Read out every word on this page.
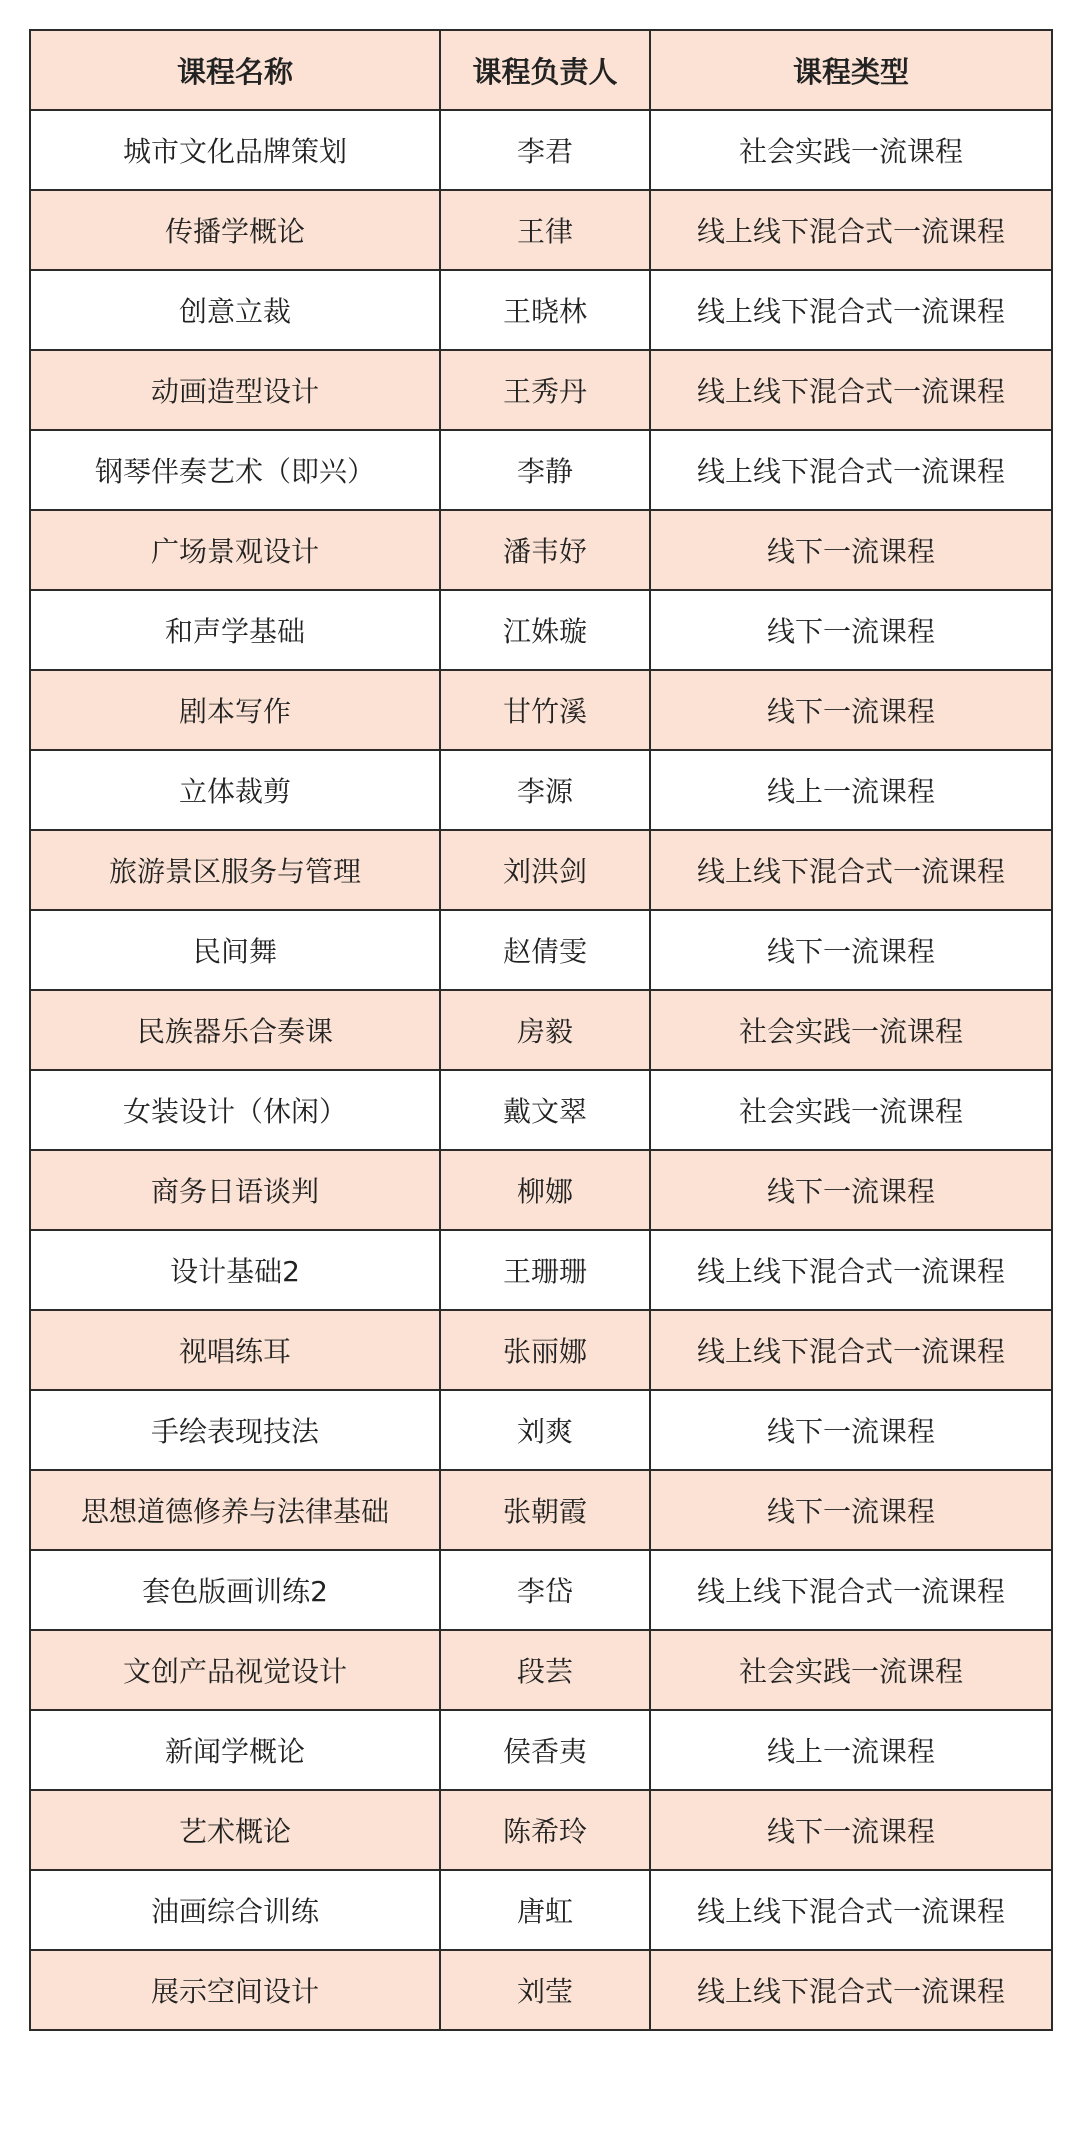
课程名称	课程负责人	课程类型
城市文化品牌策划	李君	社会实践一流课程
传播学概论	王律	线上线下混合式一流课程
创意立裁	王晓林	线上线下混合式一流课程
动画造型设计	王秀丹	线上线下混合式一流课程
钢琴伴奏艺术（即兴）	李静	线上线下混合式一流课程
广场景观设计	潘韦妤	线下一流课程
和声学基础	江姝璇	线下一流课程
剧本写作	甘竹溪	线下一流课程
立体裁剪	李源	线上一流课程
旅游景区服务与管理	刘洪剑	线上线下混合式一流课程
民间舞	赵倩雯	线下一流课程
民族器乐合奏课	房毅	社会实践一流课程
女装设计（休闲）	戴文翠	社会实践一流课程
商务日语谈判	柳娜	线下一流课程
设计基础2	王珊珊	线上线下混合式一流课程
视唱练耳	张丽娜	线上线下混合式一流课程
手绘表现技法	刘爽	线下一流课程
思想道德修养与法律基础	张朝霞	线下一流课程
套色版画训练2	李岱	线上线下混合式一流课程
文创产品视觉设计	段芸	社会实践一流课程
新闻学概论	侯香夷	线上一流课程
艺术概论	陈希玲	线下一流课程
油画综合训练	唐虹	线上线下混合式一流课程
展示空间设计	刘莹	线上线下混合式一流课程
